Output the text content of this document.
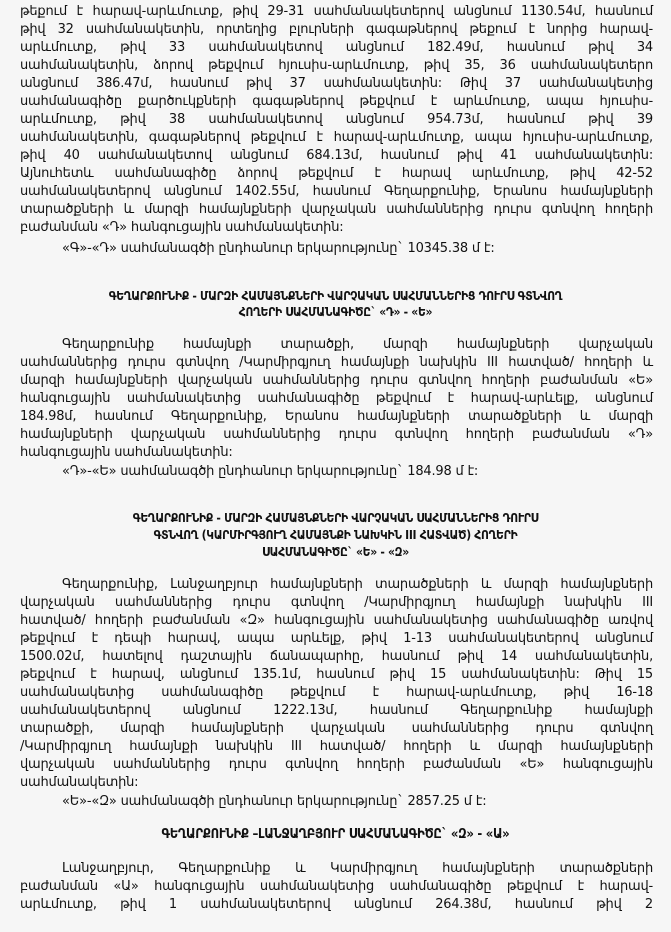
թեքում է հարավ-արևմուտք, թիվ 29-31 սահմանակետերով անցնում 1130.54մ, հասնում
թիվ 32 սահմանակետին, որտեղից բլուրների գագաթներով թեքում է նորից հարավ-
արևմուտք, թիվ 33 սահմանակետով անցնում 182.49մ, հասնում թիվ 34
սահմանակետին, ձորով թեքվում հյուսիս-արևմուտք, թիվ 35, 36 սահմանակետերո
անցնում 386.47մ, հասնում թիվ 37 սահմանակետին: Թիվ 37 սահմանակետից
սահմանագիծը քարծուկքների գագաթներով թեքվում է արևմուտք, ապա հյուսիս-
արևմուտք, թիվ 38 սահմանակետով անցնում 954.73մ, հասնում թիվ 39
սահմանակետին, գագաթներով թեքվում է հարավ-արևմուտք, ապա հյուսիս-արևմուտք,
թիվ 40 սահմանակետով անցնում 684.13մ, հասնում թիվ 41 սահմանակետին:
Այնուհետև սահմանագիծը ձորով թեքվում է հարավ արևմուտք, թիվ 42-52
սահմանակետերով անցնում 1402.55մ, հասնում Գեղարքունիք, Երանոս համայնքների
տարածքների և մարզի համայնքների վարչական սահմաններից դուրս գտնվող հողերի
բաժանման «Դ» հանգուցային սահմանակետին:
«Գ»-«Դ» սահմանագծի ընդհանուր երկարությունը` 10345.38 մ է:
ԳԵՂԱՐՔՈՒՆԻՔ - ՄԱՐԶԻ ՀԱՄԱՅՆՔՆԵՐԻ ՎԱՐՉԱԿԱՆ ՍԱՀՄԱՆՆԵՐԻՑ ԴՈՒՐՍ ԳՏՆՎՈՂ
ՀՈՂԵՐԻ ՍԱՀՄԱՆԱԳԻԾԸ` «Դ» - «Ե»
Գեղարքունիք համայնքի տարածքի, մարզի համայնքների վարչական
սահմաններից դուրս գտնվող /Կարմիրգյուղ համայնքի նախկին III հատված/ հողերի և
մարզի համայնքների վարչական սահմաններից դուրս գտնվող հողերի բաժանման «Ե»
հանգուցային սահմանակետից սահմանագիծը թեքվում է հարավ-արևելք, անցնում
184.98մ, հասնում Գեղարքունիք, Երանոս համայնքների տարածքների և մարզի
համայնքների վարչական սահմաններից դուրս գտնվող հողերի բաժանման «Դ»
հանգուցային սահմանակետին:
«Դ»-«Ե» սահմանագծի ընդհանուր երկարությունը` 184.98 մ է:
ԳԵՂԱՐՔՈՒՆԻՔ - ՄԱՐԶԻ ՀԱՄԱՅՆՔՆԵՐԻ ՎԱՐՉԱԿԱՆ ՍԱՀՄԱՆՆԵՐԻՑ ԴՈՒՐՍ
ԳՏՆՎՈՂ (ԿԱՐՄԻՐԳՅՈՒՂ ՀԱՄԱՅՆՔԻ ՆԱԽԿԻՆ III ՀԱՏՎԱԾ) ՀՈՂԵՐԻ
ՍԱՀՄԱՆԱԳԻԾԸ` «Ե» - «Զ»
Գեղարքունիք, Լանջաղբյուր համայնքների տարածքների և մարզի համայնքների
վարչական սահմաններից դուրս գտնվող /Կարմիրգյուղ համայնքի նախկին III
հատված/ հողերի բաժանման «Զ» հանգուցային սահմանակետից սահմանագիծը առվով
թեքվում է դեպի հարավ, ապա արևելք, թիվ 1-13 սահմանակետերով անցնում
1500.02մ, հատելով դաշտային ճանապարհը, հասնում թիվ 14 սահմանակետին,
թեքվում է հարավ, անցնում 135.1մ, հասնում թիվ 15 սահմանակետին: Թիվ 15
սահմանակետից սահմանագիծը թեքվում է հարավ-արևմուտք, թիվ 16-18
սահմանակետերով անցնում 1222.13մ, հասնում Գեղարքունիք համայնքի
տարածքի, մարզի համայնքների վարչական սահմաններից դուրս գտնվող
/Կարմիրգյուղ համայնքի նախկին III հատված/ հողերի և մարզի համայնքների
վարչական սահմաններից դուրս գտնվող հողերի բաժանման «Ե» հանգուցային
սահմանակետին:
«Ե»-«Զ» սահմանագծի ընդհանուր երկարությունը` 2857.25 մ է:
ԳԵՂԱՐՔՈՒՆԻՔ –ԼԱՆՋԱՂԲՅՈՒՐ ՍԱՀՄԱՆԱԳԻԾԸ` «Զ» - «Ա»
Լանջաղբյուր, Գեղարքունիք և Կարմիրգյուղ համայնքների տարածքների
բաժանման «Ա» հանգուցային սահմանակետից սահմանագիծը թեքվում է հարավ-
արևմուտք, թիվ 1 սահմանակետերով անցնում 264.38մ, հասնում թիվ 2
